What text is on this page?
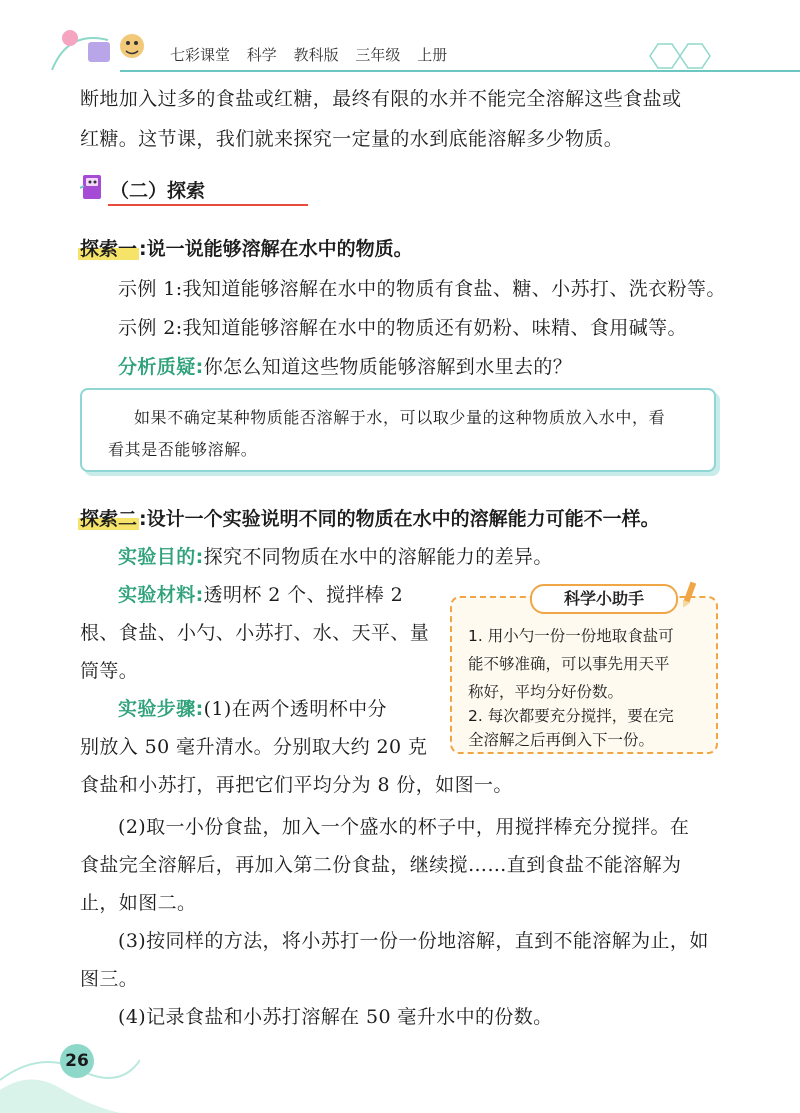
七彩课堂 科学 教科版 三年级 上册
断地加入过多的食盐或红糖，最终有限的水并不能完全溶解这些食盐或
红糖。这节课，我们就来探究一定量的水到底能溶解多少物质。
（二）探索
探索一 :说一说能够溶解在水中的物质。
示例 1:我知道能够溶解在水中的物质有食盐、糖、小苏打、洗衣粉等。
示例 2:我知道能够溶解在水中的物质还有奶粉、味精、食用碱等。
分析质疑:你怎么知道这些物质能够溶解到水里去的？

如果不确定某种物质能否溶解于水，可以取少量的这种物质放入水中，看

看其是否能够溶解。

探索二 :设计一个实验说明不同的物质在水中的溶解能力可能不一样。
实验目的:探究不同物质在水中的溶解能力的差异。
实验材料:透明杯 2 个、搅拌棒 2
根、食盐、小勺、小苏打、水、天平、量
筒等。
实验步骤:(1)在两个透明杯中分
别放入 50 毫升清水。分别取大约 20 克
食盐和小苏打，再把它们平均分为 8 份，如图一。
(2)取一小份食盐，加入一个盛水的杯子中，用搅拌棒充分搅拌。在
食盐完全溶解后，再加入第二份食盐，继续搅……直到食盐不能溶解为
止，如图二。
(3)按同样的方法，将小苏打一份一份地溶解，直到不能溶解为止，如
图三。
(4)记录食盐和小苏打溶解在 50 毫升水中的份数。

1. 用小勺一份一份地取食盐可

能不够准确，可以事先用天平

称好，平均分好份数。

2. 每次都要充分搅拌，要在完

全溶解之后再倒入下一份。

科学小助手
26
